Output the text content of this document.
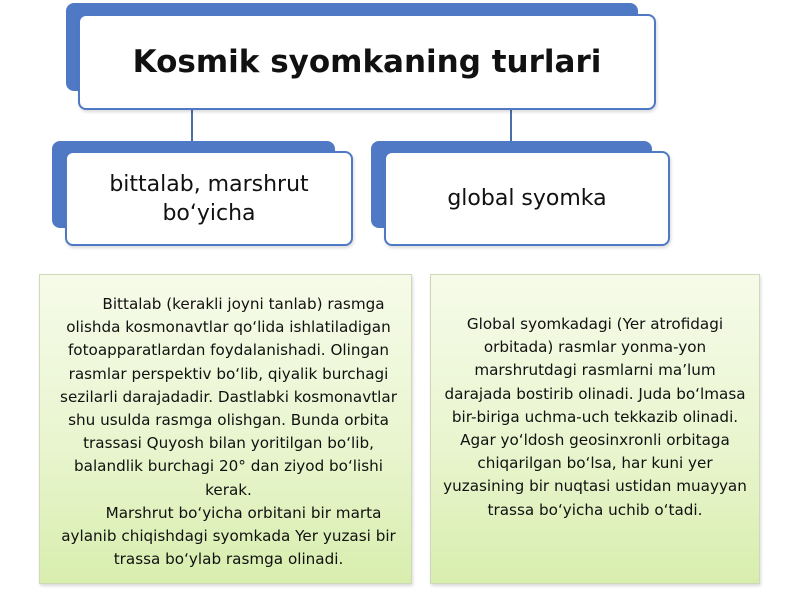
Kosmik syomkaning turlari
bittalab, marshrut bo‘yicha
global syomka

Bittalab (kerakli joyni tanlab) rasmga olishda kosmonavtlar qo‘lida ishlatiladigan fotoapparatlardan foydalanishadi. Olingan rasmlar perspektiv bo‘lib, qiyalik burchagi sezilarli darajadadir. Dastlabki kosmonavtlar shu usulda rasmga olishgan. Bunda orbita trassasi Quyosh bilan yoritilgan bo‘lib, balandlik burchagi 20° dan ziyod bo‘lishi kerak.

Marshrut bo‘yicha orbitani bir marta aylanib chiqishdagi syomkada Yer yuzasi bir trassa bo‘ylab rasmga olinadi.

Global syomkadagi (Yer atrofidagi orbitada) rasmlar yonma-yon marshrutdagi rasmlarni ma’lum darajada bostirib olinadi. Juda bo‘lmasa bir-biriga uchma-uch tekkazib olinadi. Agar yo‘ldosh geosinxronli orbitaga chiqarilgan bo‘lsa, har kuni yer yuzasining bir nuqtasi ustidan muayyan trassa bo‘yicha uchib o‘tadi.
